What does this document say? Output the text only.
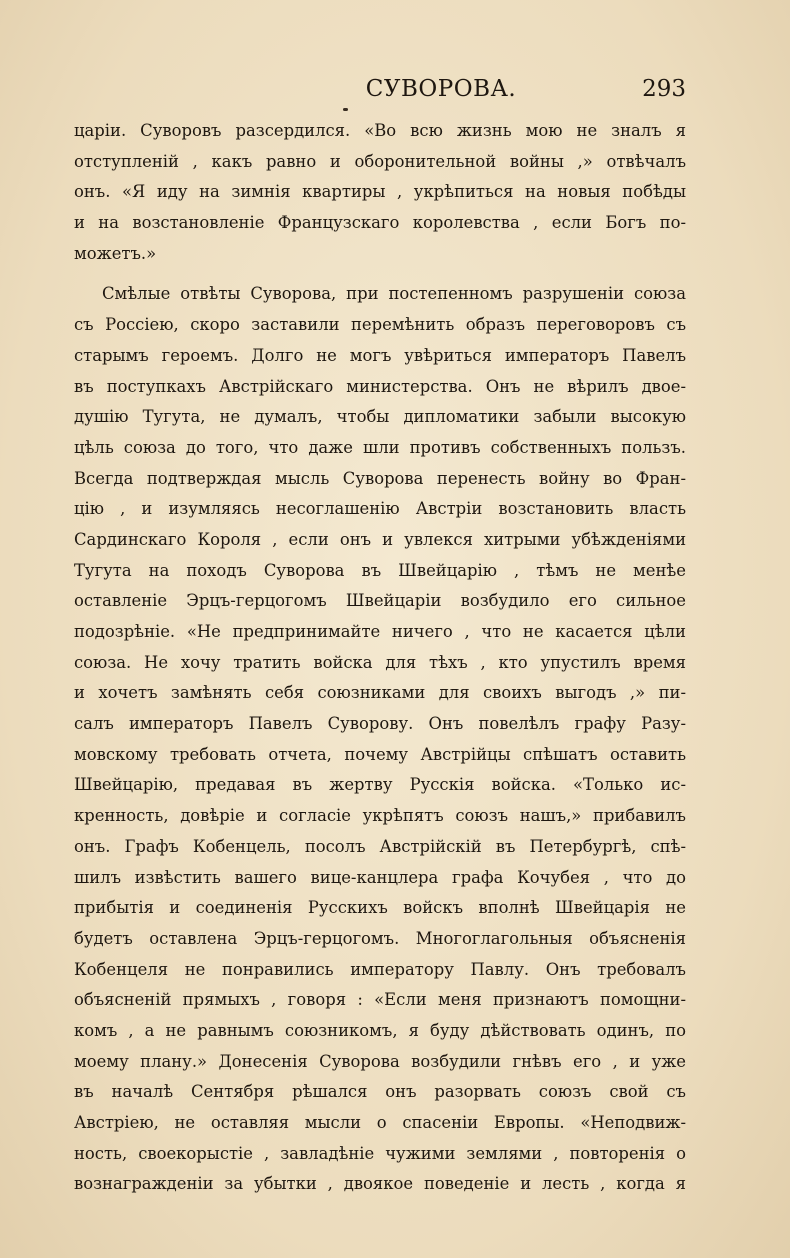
СУВОРОВА.	293
царіи. Суворовъ разсердился. «Во всю жизнь мою не зналъ я
отступленій , какъ равно и оборонительной войны ,» отвѣчалъ
онъ. «Я иду на зимнія квартиры , укрѣпиться на новыя побѣды
и на возстановленіе Французскаго королевства , если Богъ по-
можетъ.»
Смѣлые отвѣты Суворова, при постепенномъ разрушеніи союза
съ Россіею, скоро заставили перемѣнить образъ переговоровъ съ
старымъ героемъ. Долго не могъ увѣриться императоръ Павелъ
въ поступкахъ Австрійскаго министерства. Онъ не вѣрилъ двое-
душію Тугута, не думалъ, чтобы дипломатики забыли высокую
цѣль союза до того, что даже шли противъ собственныхъ пользъ.
Всегда подтверждая мысль Суворова перенесть войну во Фран-
цію , и изумляясь несоглашенію Австріи возстановить власть
Сардинскаго Короля , если онъ и увлекся хитрыми убѣжденіями
Тугута на походъ Суворова въ Швейцарію , тѣмъ не менѣе
оставленіе Эрцъ-герцогомъ Швейцаріи возбудило его сильное
подозрѣніе. «Не предпринимайте ничего , что не касается цѣли
союза. Не хочу тратить войска для тѣхъ , кто упустилъ время
и хочетъ замѣнять себя союзниками для своихъ выгодъ ,» пи-
салъ императоръ Павелъ Суворову. Онъ повелѣлъ графу Разу-
мовскому требовать отчета, почему Австрійцы спѣшатъ оставить
Швейцарію, предавая въ жертву Русскія войска. «Только ис-
кренность, довѣріе и согласіе укрѣпятъ союзъ нашъ,» прибавилъ
онъ. Графъ Кобенцель, посолъ Австрійскій въ Петербургѣ, спѣ-
шилъ извѣстить вашего вице-канцлера графа Кочубея , что до
прибытія и соединенія Русскихъ войскъ вполнѣ Швейцарія не
будетъ оставлена Эрцъ-герцогомъ. Многоглагольныя объясненія
Кобенцеля не понравились императору Павлу. Онъ требовалъ
объясненій прямыхъ , говоря : «Если меня признаютъ помощни-
комъ , а не равнымъ союзникомъ, я буду дѣйствовать одинъ, по
моему плану.» Донесенія Суворова возбудили гнѣвъ его , и уже
въ началѣ Сентября рѣшался онъ разорвать союзъ свой съ
Австріею, не оставляя мысли о спасеніи Европы. «Неподвиж-
ность, своекорыстіе , завладѣніе чужими землями , повторенія о
вознагражденіи за убытки , двоякое поведеніе и лесть , когда я
